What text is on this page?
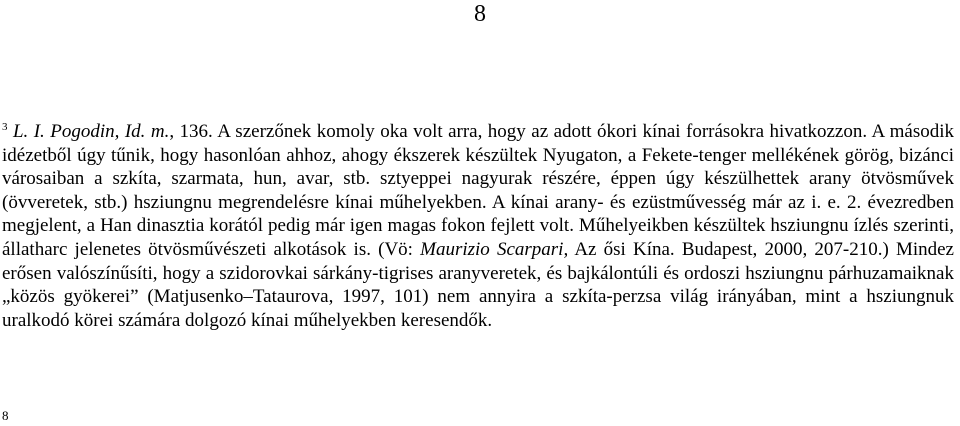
8

$^3$ L. I. Pogodin, Id. m., 136. A szerzőnek komoly oka volt arra, hogy az adott ókori kínai forrásokra hivatkozzon. A második idézetből úgy tűnik, hogy hasonlóan ahhoz, ahogy ékszerek készültek Nyugaton, a Fekete-tenger mellékének görög, bizánci városaiban a szkíta, szarmata, hun, avar, stb. sztyeppei nagyurak részére, éppen úgy készülhettek arany ötvösművek (övveretek, stb.) hsziungnu megrendelésre kínai műhelyekben. A kínai arany- és ezüstművesség már az i. e. 2. évezredben megjelent, a Han dinasztia korától pedig már igen magas fokon fejlett volt. Műhelyeikben készültek hsziungnu ízlés szerinti, állatharc jelenetes ötvösművészeti alkotások is. (Vö: Maurizio Scarpari, Az ősi Kína. Budapest, 2000, 207-210.) Mindez erősen valószínűsíti, hogy a szidorovkai sárkány-tigrises aranyveretek, és bajkálontúli és ordoszi hsziungnu párhuzamaiknak „közös gyökerei” (Matjusenko–Tataurova, 1997, 101) nem annyira a szkíta-perzsa világ irányában, mint a hsziungnuk uralkodó körei számára dolgozó kínai műhelyekben keresendők.

8
